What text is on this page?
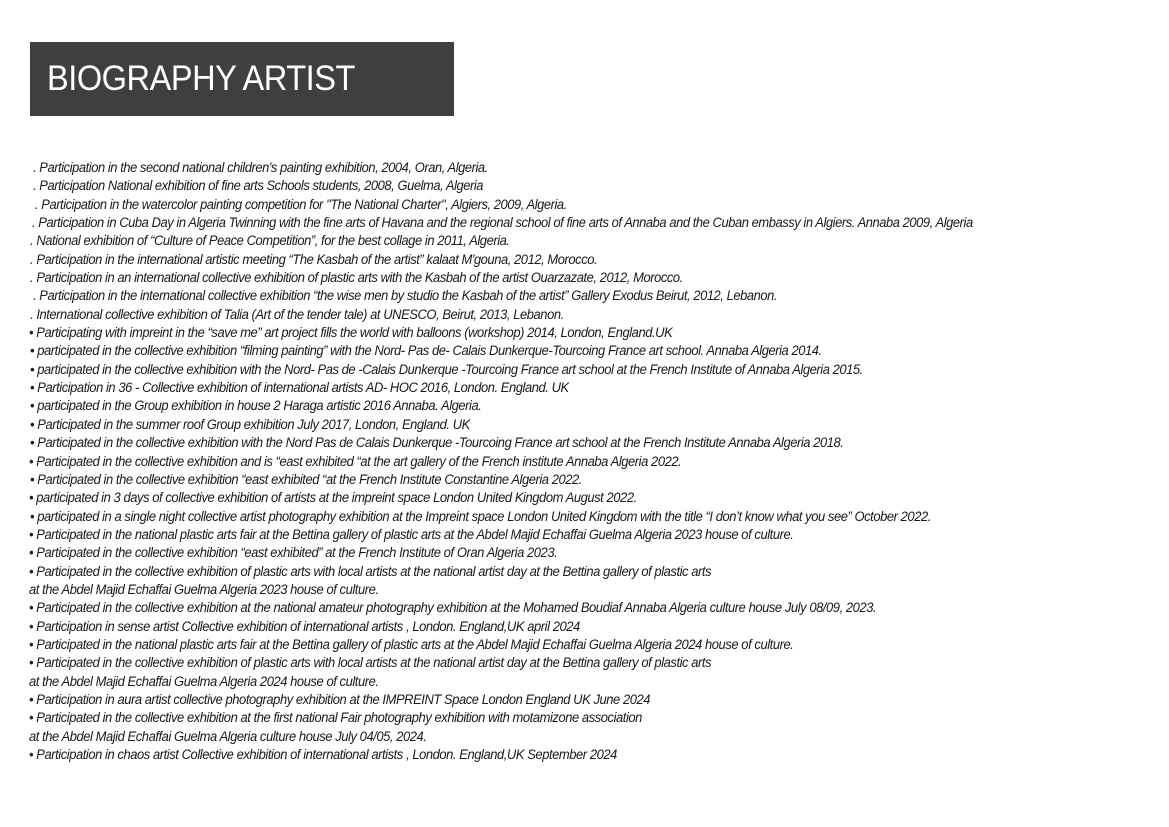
BIOGRAPHY ARTIST
. Participation in the second national children's painting exhibition, 2004, Oran, Algeria.
. Participation National exhibition of fine arts Schools students, 2008, Guelma, Algeria
. Participation in the watercolor painting competition for "The National Charter", Algiers, 2009, Algeria.
. Participation in Cuba Day in Algeria Twinning with the fine arts of Havana and the regional school of fine arts of Annaba and the Cuban embassy in Algiers. Annaba 2009, Algeria
. National exhibition of “Culture of Peace Competition”, for the best collage in 2011, Algeria.
. Participation in the international artistic meeting “The Kasbah of the artist” kalaat M'gouna, 2012, Morocco.
. Participation in an international collective exhibition of plastic arts with the Kasbah of the artist Ouarzazate, 2012, Morocco.
. Participation in the international collective exhibition “the wise men by studio the Kasbah of the artist” Gallery Exodus Beirut, 2012, Lebanon.
. International collective exhibition of Talia (Art of the tender tale) at UNESCO, Beirut, 2013, Lebanon.
• Participating with impreint in the “save me” art project fills the world with balloons (workshop) 2014, London, England.UK
• participated in the collective exhibition “filming painting” with the Nord- Pas de- Calais Dunkerque-Tourcoing France art school. Annaba Algeria 2014.
• participated in the collective exhibition with the Nord- Pas de -Calais Dunkerque -Tourcoing France art school at the French Institute of Annaba Algeria 2015.
• Participation in 36 - Collective exhibition of international artists AD- HOC 2016, London. England. UK
• participated in the Group exhibition in house 2 Haraga artistic 2016 Annaba. Algeria.
• Participated in the summer roof Group exhibition July 2017, London, England. UK
• Participated in the collective exhibition with the Nord Pas de Calais Dunkerque -Tourcoing France art school at the French Institute Annaba Algeria 2018.
• Participated in the collective exhibition and is “east exhibited “at the art gallery of the French institute Annaba Algeria 2022.
• Participated in the collective exhibition “east exhibited “at the French Institute Constantine Algeria 2022.
• participated in 3 days of collective exhibition of artists at the impreint space London United Kingdom August 2022.
• participated in a single night collective artist photography exhibition at the Impreint space London United Kingdom with the title “I don’t know what you see” October 2022.
• Participated in the national plastic arts fair at the Bettina gallery of plastic arts at the Abdel Majid Echaffai Guelma Algeria 2023 house of culture.
• Participated in the collective exhibition “east exhibited” at the French Institute of Oran Algeria 2023.
• Participated in the collective exhibition of plastic arts with local artists at the national artist day at the Bettina gallery of plastic arts
at the Abdel Majid Echaffai Guelma Algeria 2023 house of culture.
• Participated in the collective exhibition at the national amateur photography exhibition at the Mohamed Boudiaf Annaba Algeria culture house July 08/09, 2023.
• Participation in sense artist Collective exhibition of international artists , London. England,UK april 2024
• Participated in the national plastic arts fair at the Bettina gallery of plastic arts at the Abdel Majid Echaffai Guelma Algeria 2024 house of culture.
• Participated in the collective exhibition of plastic arts with local artists at the national artist day at the Bettina gallery of plastic arts
at the Abdel Majid Echaffai Guelma Algeria 2024 house of culture.
• Participation in aura artist collective photography exhibition at the IMPREINT Space London England UK June 2024
• Participated in the collective exhibition at the first national Fair photography exhibition with motamizone association
at the Abdel Majid Echaffai Guelma Algeria culture house July 04/05, 2024.
• Participation in chaos artist Collective exhibition of international artists , London. England,UK September 2024
